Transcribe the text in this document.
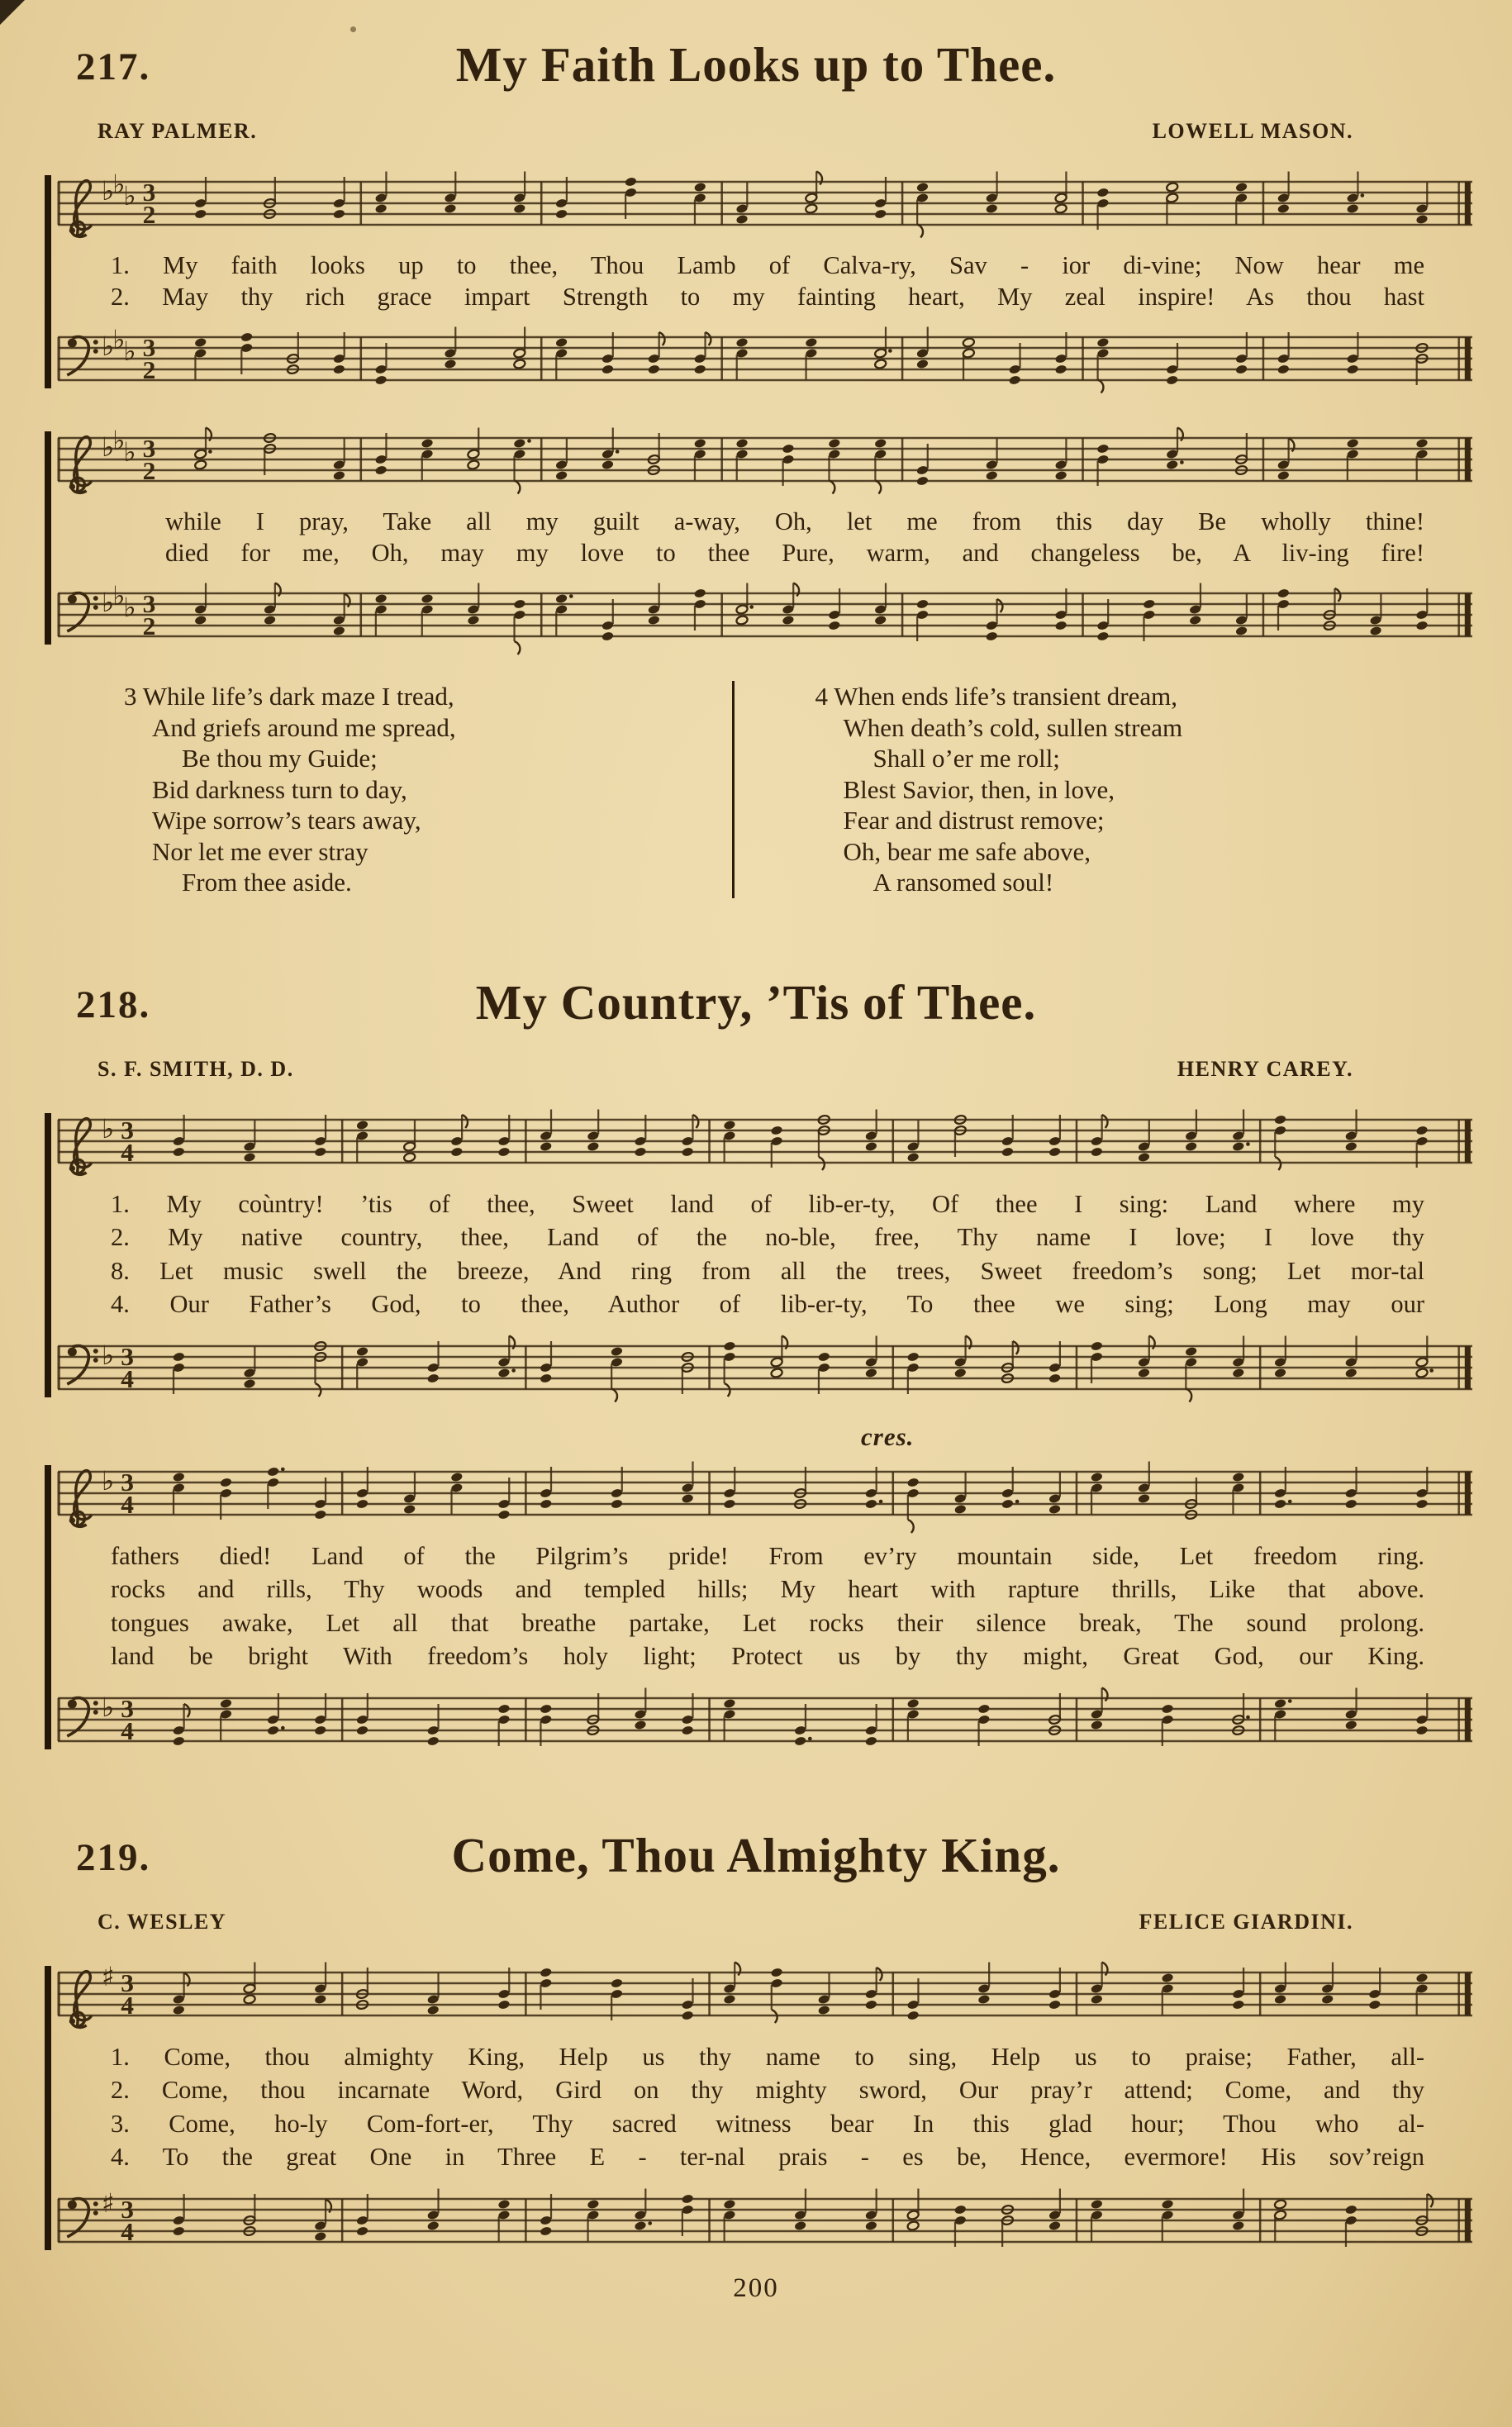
217.	My Faith Looks up to Thee.
RAY PALMER.	LOWELL MASON.
♭
♭
♭ 3
2
1. My faith looks up to thee, Thou Lamb of Calva-ry, Sav - ior di-vine; Now hear me
2. May thy rich grace impart Strength to my fainting heart, My zeal inspire! As thou hast
♭
♭
♭ 3
2
♭
♭
♭ 3
2
while I pray, Take all my guilt a-way, Oh, let me from this day Be wholly thine!
died for me, Oh, may my love to thee Pure, warm, and changeless be, A liv-ing fire!
♭
♭
♭ 3
2
3 While life’s dark maze I tread,
And griefs around me spread,
Be thou my Guide;
Bid darkness turn to day,
Wipe sorrow’s tears away,
Nor let me ever stray
From thee aside.
4 When ends life’s transient dream,
When death’s cold, sullen stream
Shall o’er me roll;
Blest Savior, then, in love,
Fear and distrust remove;
Oh, bear me safe above,
A ransomed soul!
218.	My Country, ’Tis of Thee.
S. F. SMITH, D. D.	HENRY CAREY.
♭ 3
4
1. My coùntry! ’tis of thee, Sweet land of lib-er-ty, Of thee I sing: Land where my
2. My native country, thee, Land of the no-ble, free, Thy name I love; I love thy
8. Let music swell the breeze, And ring from all the trees, Sweet freedom’s song; Let mor-tal
4. Our Father’s God, to thee, Author of lib-er-ty, To thee we sing; Long may our
♭ 3
4
cres.
♭ 3
4
fathers died! Land of the Pilgrim’s pride! From ev’ry mountain side, Let freedom ring.
rocks and rills, Thy woods and templed hills; My heart with rapture thrills, Like that above.
tongues awake, Let all that breathe partake, Let rocks their silence break, The sound prolong.
land be bright With freedom’s holy light; Protect us by thy might, Great God, our King.
♭ 3
4
219.	Come, Thou Almighty King.
C. WESLEY	FELICE GIARDINI.
♯ 3
4
1. Come, thou almighty King, Help us thy name to sing, Help us to praise; Father, all-
2. Come, thou incarnate Word, Gird on thy mighty sword, Our pray’r attend; Come, and thy
3. Come, ho-ly Com-fort-er, Thy sacred witness bear In this glad hour; Thou who al-
4. To the great One in Three E - ter-nal prais - es be, Hence, evermore! His sov’reign
♯ 3
4
200
